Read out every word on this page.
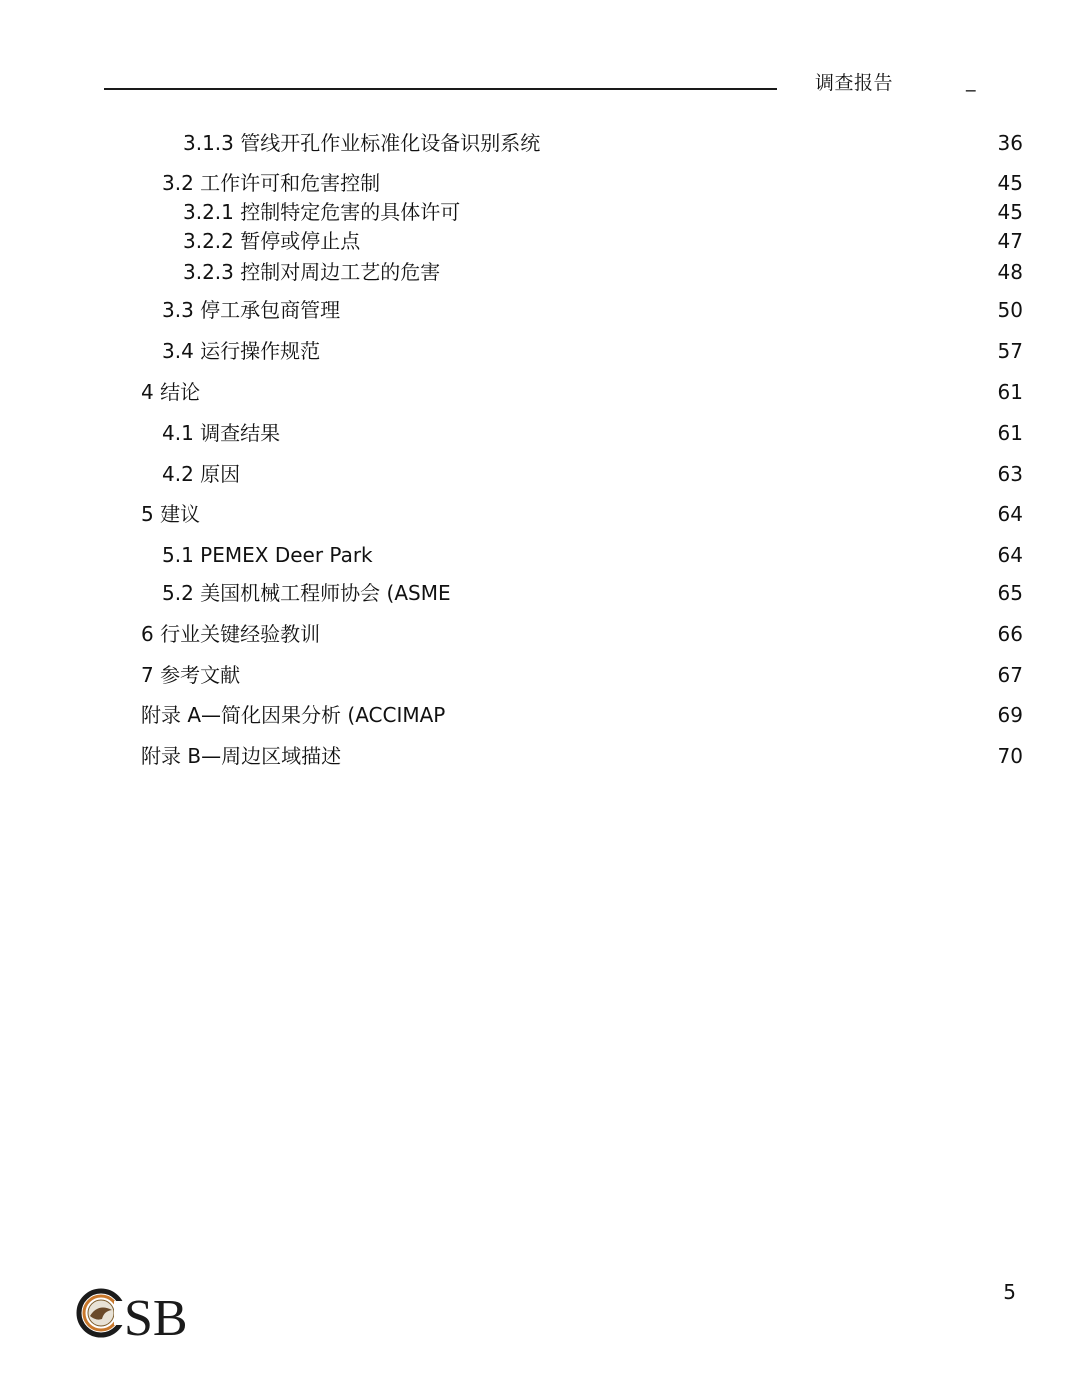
调查报告	_
3.1.3 管线开孔作业标准化设备识别系统	36
3.2 工作许可和危害控制	45
3.2.1 控制特定危害的具体许可	45
3.2.2 暂停或停止点	47
3.2.3 控制对周边工艺的危害	48
3.3 停工承包商管理	50
3.4 运行操作规范	57
4 结论	61
4.1 调查结果	61
4.2 原因	63
5 建议	64
5.1 PEMEX Deer Park	64
5.2 美国机械工程师协会 (ASME	65
6 行业关键经验教训	66
7 参考文献	67
附录 A—简化因果分析 (ACCIMAP	69
附录 B—周边区域描述	70
SB	5
